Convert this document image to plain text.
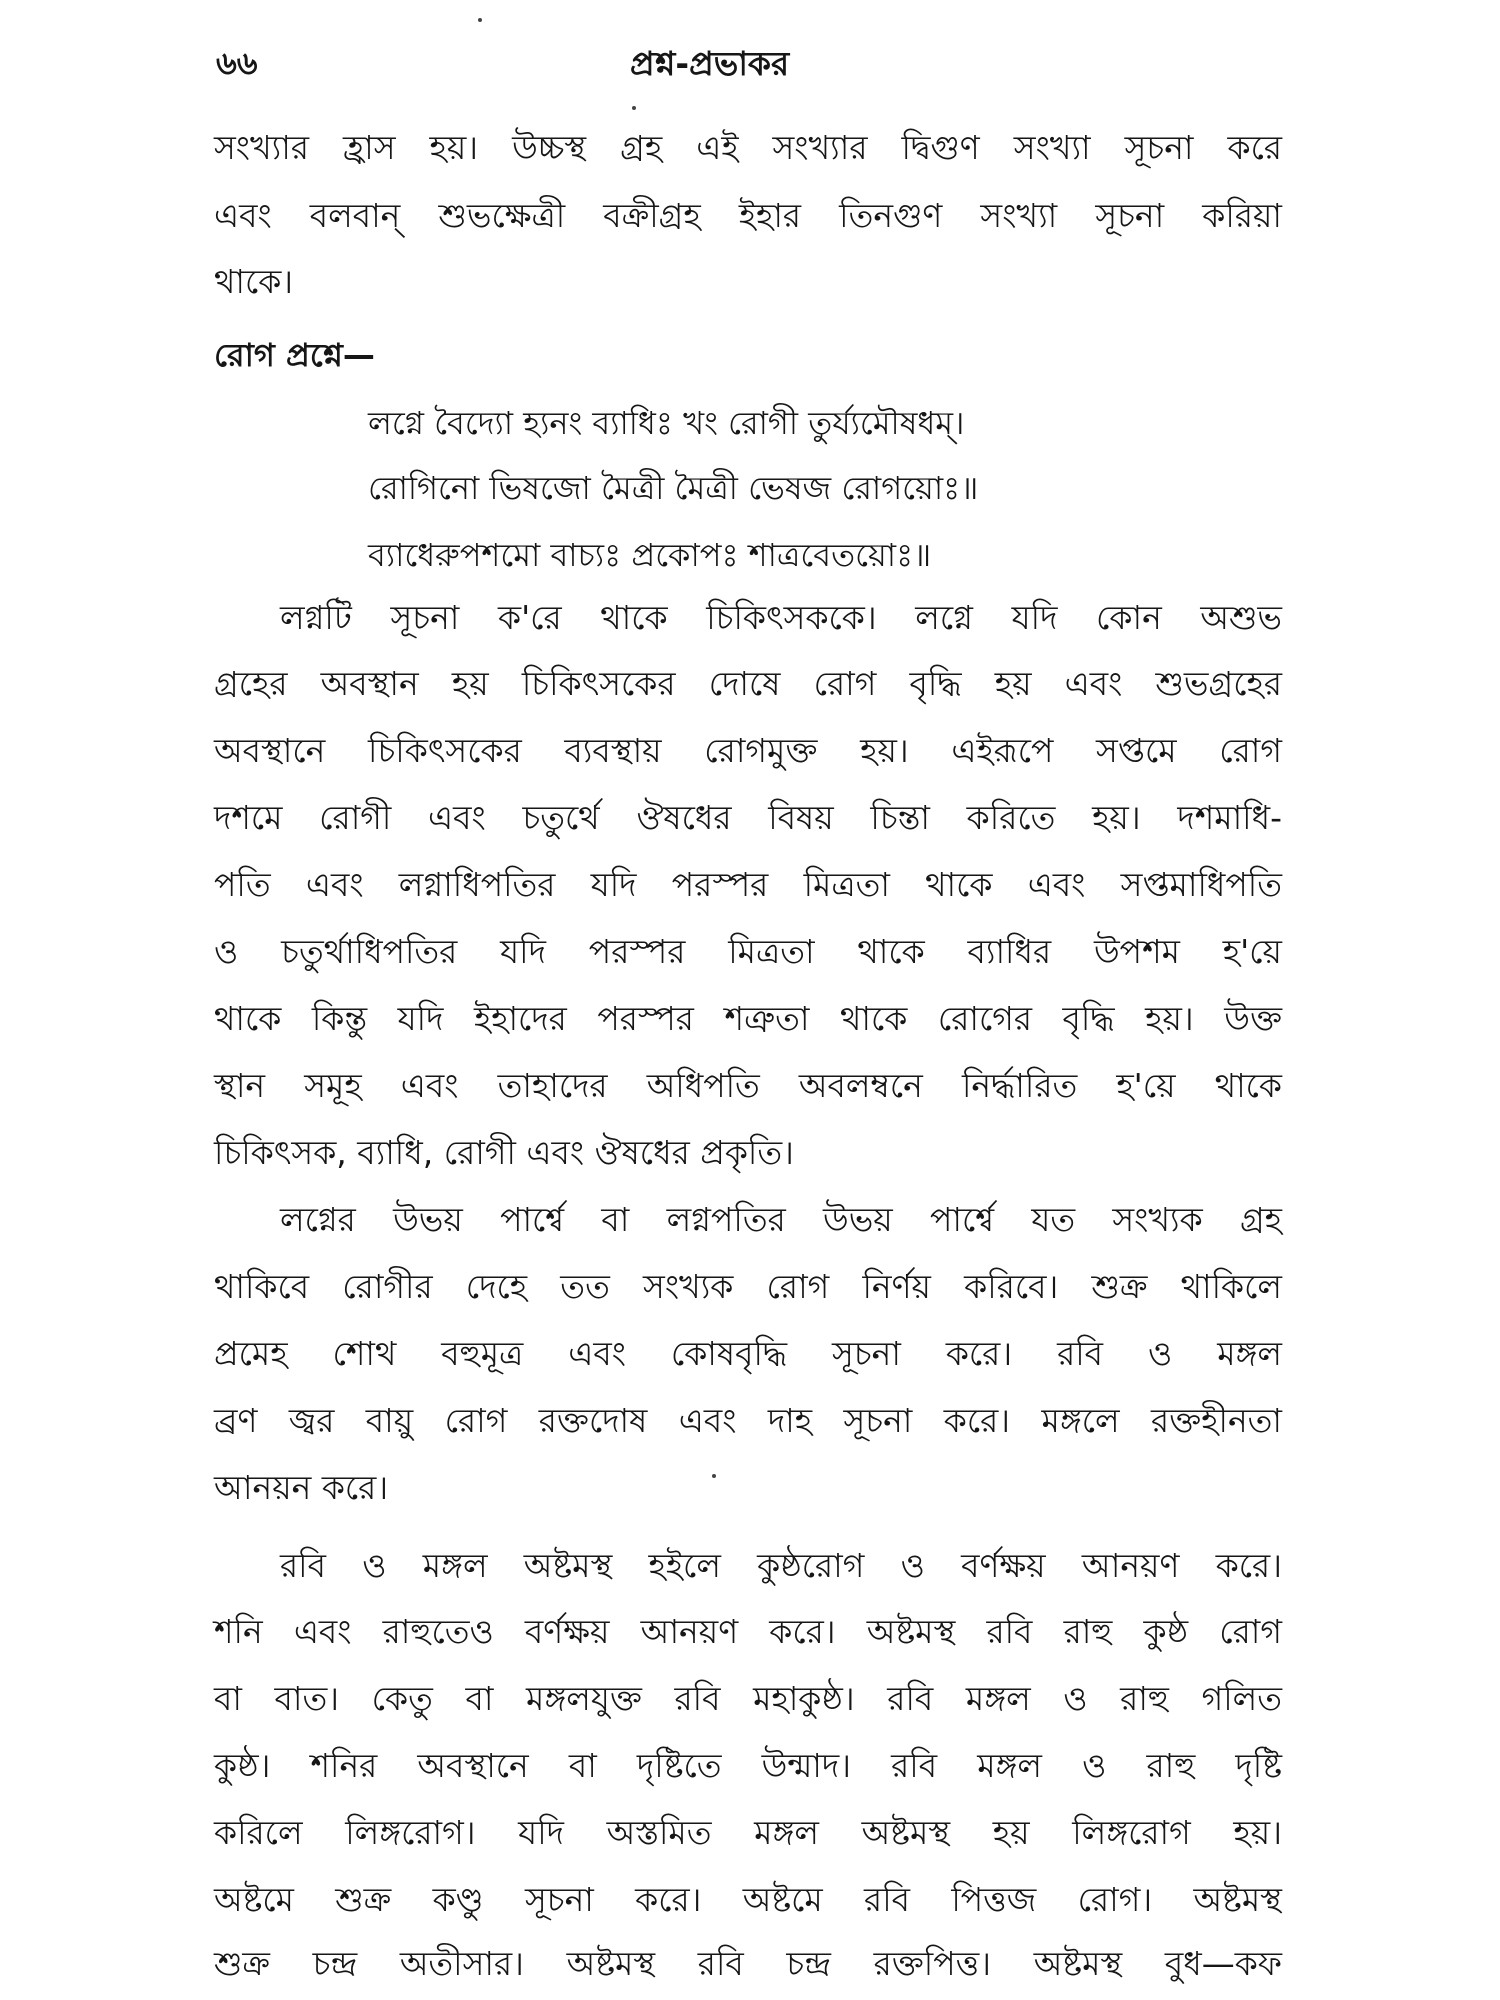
৬৬	প্রশ্ন-প্রভাকর
সংখ্যার হ্রাস হয়। উচ্চস্থ গ্রহ এই সংখ্যার দ্বিগুণ সংখ্যা সূচনা করে
এবং বলবান্ শুভক্ষেত্রী বক্রীগ্রহ ইহার তিনগুণ সংখ্যা সূচনা করিয়া
থাকে।
রোগ প্রশ্নে—
লগ্নে বৈদ্যো হ্যনং ব্যাধিঃ খং রোগী তুর্য্যমৌষধম্।
রোগিনো ভিষজো মৈত্রী মৈত্রী ভেষজ রোগয়োঃ॥
ব্যাধেরুপশমো বাচ্যঃ প্রকোপঃ শাত্রবেতয়োঃ॥
লগ্নটি সূচনা ক'রে থাকে চিকিৎসককে। লগ্নে যদি কোন অশুভ
গ্রহের অবস্থান হয় চিকিৎসকের দোষে রোগ বৃদ্ধি হয় এবং শুভগ্রহের
অবস্থানে চিকিৎসকের ব্যবস্থায় রোগমুক্ত হয়। এইরূপে সপ্তমে রোগ
দশমে রোগী এবং চতুর্থে ঔষধের বিষয় চিন্তা করিতে হয়। দশমাধি-
পতি এবং লগ্নাধিপতির যদি পরস্পর মিত্রতা থাকে এবং সপ্তমাধিপতি
ও চতুর্থাধিপতির যদি পরস্পর মিত্রতা থাকে ব্যাধির উপশম হ'য়ে
থাকে কিন্তু যদি ইহাদের পরস্পর শত্রুতা থাকে রোগের বৃদ্ধি হয়। উক্ত
স্থান সমূহ এবং তাহাদের অধিপতি অবলম্বনে নির্দ্ধারিত হ'য়ে থাকে
চিকিৎসক, ব্যাধি, রোগী এবং ঔষধের প্রকৃতি।
লগ্নের উভয় পার্শ্বে বা লগ্নপতির উভয় পার্শ্বে যত সংখ্যক গ্রহ
থাকিবে রোগীর দেহে তত সংখ্যক রোগ নির্ণয় করিবে। শুক্র থাকিলে
প্রমেহ শোথ বহুমূত্র এবং কোষবৃদ্ধি সূচনা করে। রবি ও মঙ্গল
ব্রণ জ্বর বায়ু রোগ রক্তদোষ এবং দাহ সূচনা করে। মঙ্গলে রক্তহীনতা
আনয়ন করে।
রবি ও মঙ্গল অষ্টমস্থ হইলে কুষ্ঠরোগ ও বর্ণক্ষয় আনয়ণ করে।
শনি এবং রাহুতেও বর্ণক্ষয় আনয়ণ করে। অষ্টমস্থ রবি রাহু কুষ্ঠ রোগ
বা বাত। কেতু বা মঙ্গলযুক্ত রবি মহাকুষ্ঠ। রবি মঙ্গল ও রাহু গলিত
কুষ্ঠ। শনির অবস্থানে বা দৃষ্টিতে উন্মাদ। রবি মঙ্গল ও রাহু দৃষ্টি
করিলে লিঙ্গরোগ। যদি অস্তমিত মঙ্গল অষ্টমস্থ হয় লিঙ্গরোগ হয়।
অষ্টমে শুক্র কণ্ডু সূচনা করে। অষ্টমে রবি পিত্তজ রোগ। অষ্টমস্থ
শুক্র চন্দ্র অতীসার। অষ্টমস্থ রবি চন্দ্র রক্তপিত্ত। অষ্টমস্থ বুধ—কফ
